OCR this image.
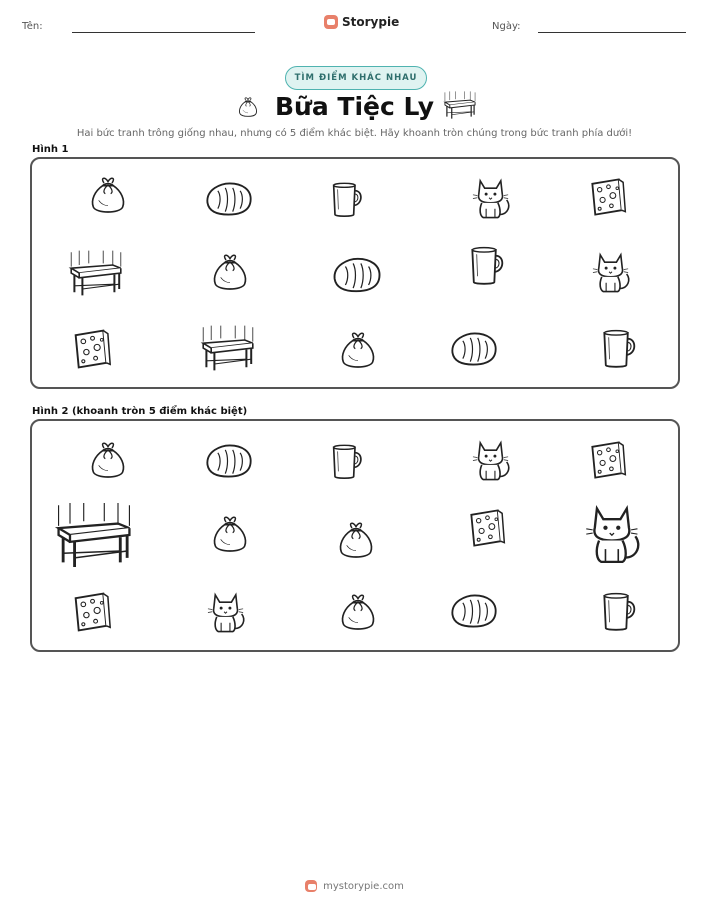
Tên:	Storypie	Ngày:
TÌM ĐIỂM KHÁC NHAU
Bữa Tiệc Ly
Hai bức tranh trông giống nhau, nhưng có 5 điểm khác biệt. Hãy khoanh tròn chúng trong bức tranh phía dưới!
Hình 1
Hình 2 (khoanh tròn 5 điểm khác biệt)
mystorypie.com
